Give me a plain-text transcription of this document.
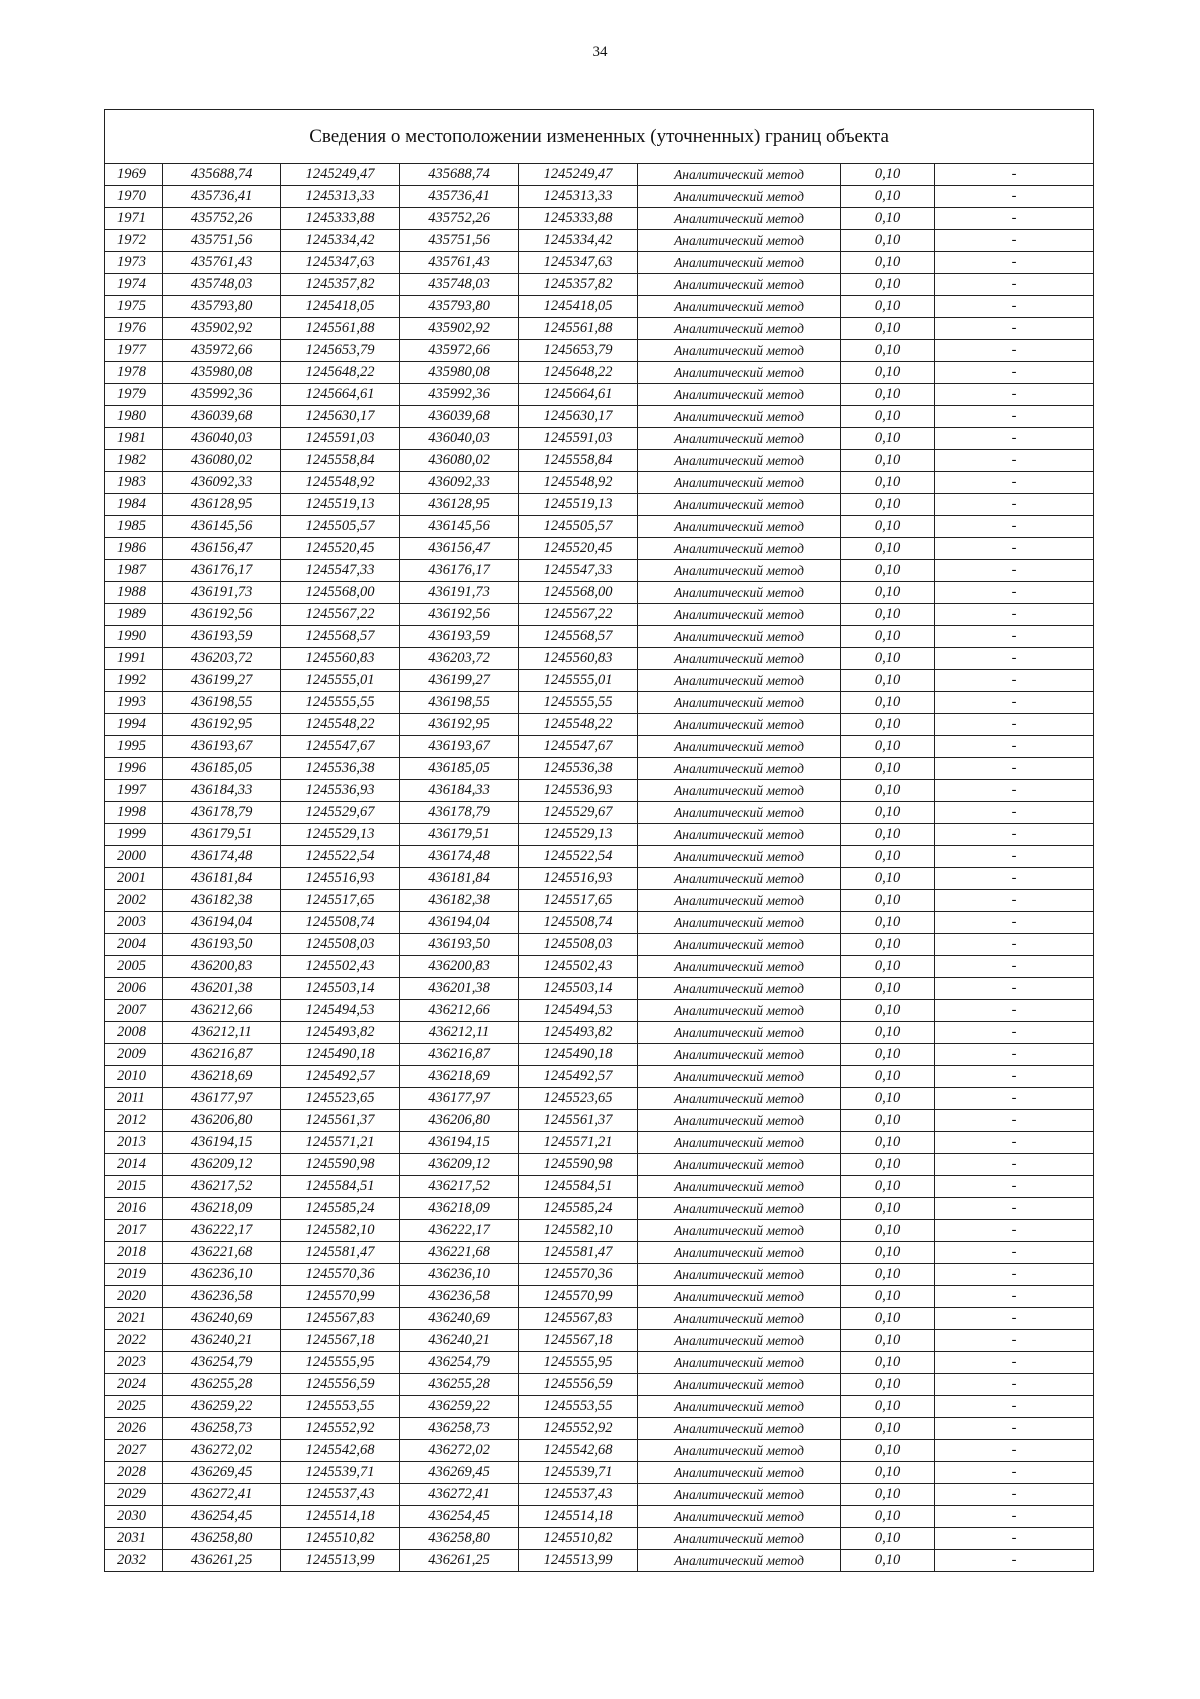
34
Сведения о местоположении измененных (уточненных) границ объекта							
1969	435688,74	1245249,47	435688,74	1245249,47	Аналитический метод	0,10	-
1970	435736,41	1245313,33	435736,41	1245313,33	Аналитический метод	0,10	-
1971	435752,26	1245333,88	435752,26	1245333,88	Аналитический метод	0,10	-
1972	435751,56	1245334,42	435751,56	1245334,42	Аналитический метод	0,10	-
1973	435761,43	1245347,63	435761,43	1245347,63	Аналитический метод	0,10	-
1974	435748,03	1245357,82	435748,03	1245357,82	Аналитический метод	0,10	-
1975	435793,80	1245418,05	435793,80	1245418,05	Аналитический метод	0,10	-
1976	435902,92	1245561,88	435902,92	1245561,88	Аналитический метод	0,10	-
1977	435972,66	1245653,79	435972,66	1245653,79	Аналитический метод	0,10	-
1978	435980,08	1245648,22	435980,08	1245648,22	Аналитический метод	0,10	-
1979	435992,36	1245664,61	435992,36	1245664,61	Аналитический метод	0,10	-
1980	436039,68	1245630,17	436039,68	1245630,17	Аналитический метод	0,10	-
1981	436040,03	1245591,03	436040,03	1245591,03	Аналитический метод	0,10	-
1982	436080,02	1245558,84	436080,02	1245558,84	Аналитический метод	0,10	-
1983	436092,33	1245548,92	436092,33	1245548,92	Аналитический метод	0,10	-
1984	436128,95	1245519,13	436128,95	1245519,13	Аналитический метод	0,10	-
1985	436145,56	1245505,57	436145,56	1245505,57	Аналитический метод	0,10	-
1986	436156,47	1245520,45	436156,47	1245520,45	Аналитический метод	0,10	-
1987	436176,17	1245547,33	436176,17	1245547,33	Аналитический метод	0,10	-
1988	436191,73	1245568,00	436191,73	1245568,00	Аналитический метод	0,10	-
1989	436192,56	1245567,22	436192,56	1245567,22	Аналитический метод	0,10	-
1990	436193,59	1245568,57	436193,59	1245568,57	Аналитический метод	0,10	-
1991	436203,72	1245560,83	436203,72	1245560,83	Аналитический метод	0,10	-
1992	436199,27	1245555,01	436199,27	1245555,01	Аналитический метод	0,10	-
1993	436198,55	1245555,55	436198,55	1245555,55	Аналитический метод	0,10	-
1994	436192,95	1245548,22	436192,95	1245548,22	Аналитический метод	0,10	-
1995	436193,67	1245547,67	436193,67	1245547,67	Аналитический метод	0,10	-
1996	436185,05	1245536,38	436185,05	1245536,38	Аналитический метод	0,10	-
1997	436184,33	1245536,93	436184,33	1245536,93	Аналитический метод	0,10	-
1998	436178,79	1245529,67	436178,79	1245529,67	Аналитический метод	0,10	-
1999	436179,51	1245529,13	436179,51	1245529,13	Аналитический метод	0,10	-
2000	436174,48	1245522,54	436174,48	1245522,54	Аналитический метод	0,10	-
2001	436181,84	1245516,93	436181,84	1245516,93	Аналитический метод	0,10	-
2002	436182,38	1245517,65	436182,38	1245517,65	Аналитический метод	0,10	-
2003	436194,04	1245508,74	436194,04	1245508,74	Аналитический метод	0,10	-
2004	436193,50	1245508,03	436193,50	1245508,03	Аналитический метод	0,10	-
2005	436200,83	1245502,43	436200,83	1245502,43	Аналитический метод	0,10	-
2006	436201,38	1245503,14	436201,38	1245503,14	Аналитический метод	0,10	-
2007	436212,66	1245494,53	436212,66	1245494,53	Аналитический метод	0,10	-
2008	436212,11	1245493,82	436212,11	1245493,82	Аналитический метод	0,10	-
2009	436216,87	1245490,18	436216,87	1245490,18	Аналитический метод	0,10	-
2010	436218,69	1245492,57	436218,69	1245492,57	Аналитический метод	0,10	-
2011	436177,97	1245523,65	436177,97	1245523,65	Аналитический метод	0,10	-
2012	436206,80	1245561,37	436206,80	1245561,37	Аналитический метод	0,10	-
2013	436194,15	1245571,21	436194,15	1245571,21	Аналитический метод	0,10	-
2014	436209,12	1245590,98	436209,12	1245590,98	Аналитический метод	0,10	-
2015	436217,52	1245584,51	436217,52	1245584,51	Аналитический метод	0,10	-
2016	436218,09	1245585,24	436218,09	1245585,24	Аналитический метод	0,10	-
2017	436222,17	1245582,10	436222,17	1245582,10	Аналитический метод	0,10	-
2018	436221,68	1245581,47	436221,68	1245581,47	Аналитический метод	0,10	-
2019	436236,10	1245570,36	436236,10	1245570,36	Аналитический метод	0,10	-
2020	436236,58	1245570,99	436236,58	1245570,99	Аналитический метод	0,10	-
2021	436240,69	1245567,83	436240,69	1245567,83	Аналитический метод	0,10	-
2022	436240,21	1245567,18	436240,21	1245567,18	Аналитический метод	0,10	-
2023	436254,79	1245555,95	436254,79	1245555,95	Аналитический метод	0,10	-
2024	436255,28	1245556,59	436255,28	1245556,59	Аналитический метод	0,10	-
2025	436259,22	1245553,55	436259,22	1245553,55	Аналитический метод	0,10	-
2026	436258,73	1245552,92	436258,73	1245552,92	Аналитический метод	0,10	-
2027	436272,02	1245542,68	436272,02	1245542,68	Аналитический метод	0,10	-
2028	436269,45	1245539,71	436269,45	1245539,71	Аналитический метод	0,10	-
2029	436272,41	1245537,43	436272,41	1245537,43	Аналитический метод	0,10	-
2030	436254,45	1245514,18	436254,45	1245514,18	Аналитический метод	0,10	-
2031	436258,80	1245510,82	436258,80	1245510,82	Аналитический метод	0,10	-
2032	436261,25	1245513,99	436261,25	1245513,99	Аналитический метод	0,10	-
